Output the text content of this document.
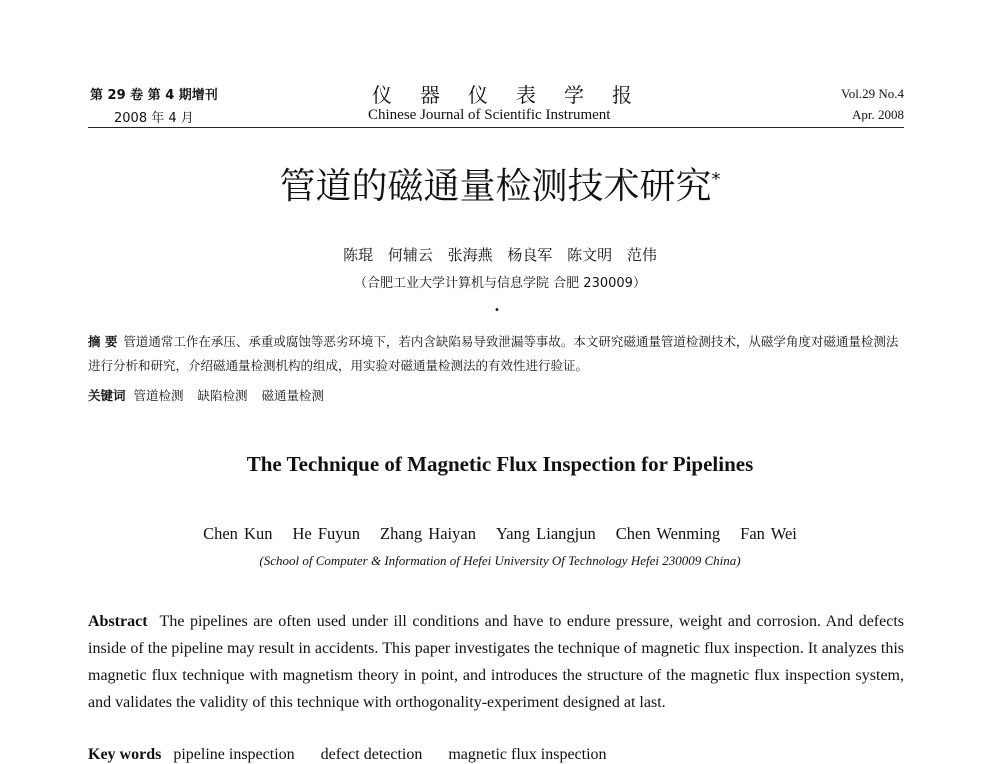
第 29 卷 第 4 期增刊
2008 年 4 月
仪器仪表学报
Chinese Journal of Scientific Instrument
Vol.29 No.4
Apr. 2008
管道的磁通量检测技术研究*
陈琨 何辅云 张海燕 杨良军 陈文明 范伟
（合肥工业大学计算机与信息学院 合肥 230009）
•
摘 要 管道通常工作在承压、承重或腐蚀等恶劣环境下，若内含缺陷易导致泄漏等事故。本文研究磁通量管道检测技术，从磁学角度对磁通量检测法进行分析和研究，介绍磁通量检测机构的组成，用实验对磁通量检测法的有效性进行验证。
关键词 管道检测 缺陷检测 磁通量检测
The Technique of Magnetic Flux Inspection for Pipelines
Chen Kun He Fuyun Zhang Haiyan Yang Liangjun Chen Wenming Fan Wei
(School of Computer & Information of Hefei University Of Technology Hefei 230009 China)
Abstract The pipelines are often used under ill conditions and have to endure pressure, weight and corrosion. And defects inside of the pipeline may result in accidents. This paper investigates the technique of magnetic flux inspection. It analyzes this magnetic flux technique with magnetism theory in point, and introduces the structure of the magnetic flux inspection system, and validates the validity of this technique with orthogonality-experiment designed at last.
Key words pipeline inspection defect detection magnetic flux inspection
